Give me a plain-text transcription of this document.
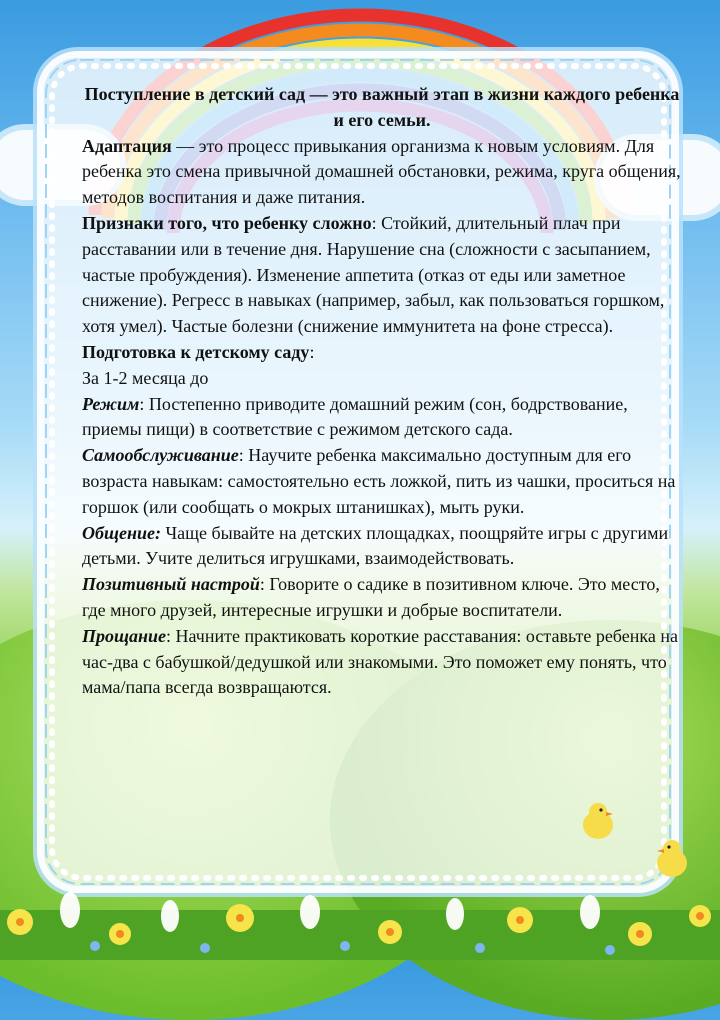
Поступление в детский сад — это важный этап в жизни каждого ребенка и его семьи.

Адаптация — это процесс привыкания организма к новым условиям. Для ребенка это смена привычной домашней обстановки, режима, круга общения, методов воспитания и даже питания.

Признаки того, что ребенку сложно: Стойкий, длительный плач при расставании или в течение дня. Нарушение сна (сложности с засыпанием, частые пробуждения). Изменение аппетита (отказ от еды или заметное снижение). Регресс в навыках (например, забыл, как пользоваться горшком, хотя умел). Частые болезни (снижение иммунитета на фоне стресса).

Подготовка к детскому саду:

За 1-2 месяца до

Режим: Постепенно приводите домашний режим (сон, бодрствование, приемы пищи) в соответствие с режимом детского сада.

Самообслуживание: Научите ребенка максимально доступным для его возраста навыкам: самостоятельно есть ложкой, пить из чашки, проситься на горшок (или сообщать о мокрых штанишках), мыть руки.

Общение: Чаще бывайте на детских площадках, поощряйте игры с другими детьми. Учите делиться игрушками, взаимодействовать.

Позитивный настрой: Говорите о садике в позитивном ключе. Это место, где много друзей, интересные игрушки и добрые воспитатели.

Прощание: Начните практиковать короткие расставания: оставьте ребенка на час-два с бабушкой/дедушкой или знакомыми. Это поможет ему понять, что мама/папа всегда возвращаются.
